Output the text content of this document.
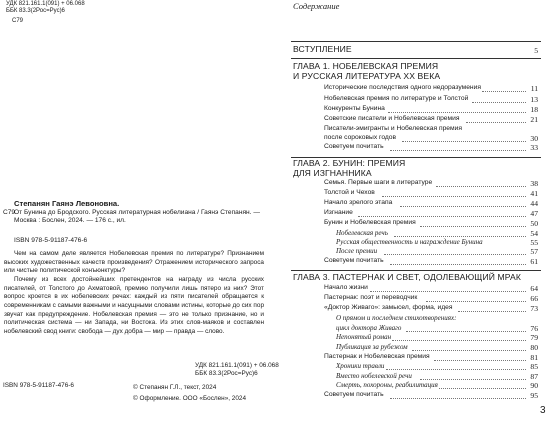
УДК 821.161.1(091) + 06.068
ББК 83.3(2Рос=Рус)6
С79
Степанян Гаянэ Левоновна.
С79
От Бунина до Бродского. Русская литературная нобелиана / Гаянэ Степанян. — Москва : Бослен, 2024. — 176 с., ил.
ISBN 978-5-91187-476-6

Чем на самом деле является Нобелевская премия по литературе? Признанием высоких художественных качеств произведения? Отражением исторического запроса или чистые политической конъюнктуры?

Почему из всех достойнейших претендентов на награду из числа русских писателей, от Толстого до Ахматовой, премию получили лишь пятеро из них? Этот вопрос кроется в их нобелевских речах: каждый из пяти писателей обращается к современникам с самыми важными и насущными словами истины, которые до сих пор звучат как предупреждение. Нобелевская премия — это не только признание, но и политическая система — ни Запада, ни Востока. Из этих слов-маяков и составлен нобелевский свод книги: свобода — дух добра — мир — правда — слово.

УДК 821.161.1(091) + 06.068
ББК 83.3(2Рос=Рус)6
ISBN 978-5-91187-476-6	© Степанян Г.Л., текст, 2024
© Оформление. ООО «Бослен», 2024
Содержание
ВСТУПЛЕНИЕ	5
ГЛАВА 1. НОБЕЛЕВСКАЯ ПРЕМИЯ
И РУССКАЯ ЛИТЕРАТУРА XX ВЕКА
Исторические последствия одного недоразумения	11
Нобелевская премия по литературе и Толстой	13
Конкуренты Бунина	18
Советские писатели и Нобелевская премия	21
Писатели-эмигранты и Нобелевская премия
после сороковых годов	30
Советуем почитать	33
ГЛАВА 2. БУНИН: ПРЕМИЯ
ДЛЯ ИЗГНАННИКА
Семья. Первые шаги в литературе	38
Толстой и Чехов	41
Начало зрелого этапа	44
Изгнание	47
Бунин и Нобелевская премия	50
Нобелевская речь	54
Русская общественность и награждение Бунина	55
После премии	57
Советуем почитать	61
ГЛАВА 3. ПАСТЕРНАК И СВЕТ, ОДОЛЕВАЮЩИЙ МРАК
Начало жизни	64
Пастернак: поэт и переводчик	66
«Доктор Живаго»: замысел, форма, идея	73
О прямом и последнем стихотворениях:
цикл доктора Живаго	76
Непонятый роман	79
Публикация за рубежом	80
Пастернак и Нобелевская премия	81
Хроники травли	85
Вместо нобелевской речи	87
Смерть, похороны, реабилитация	90
Советуем почитать	95
3
